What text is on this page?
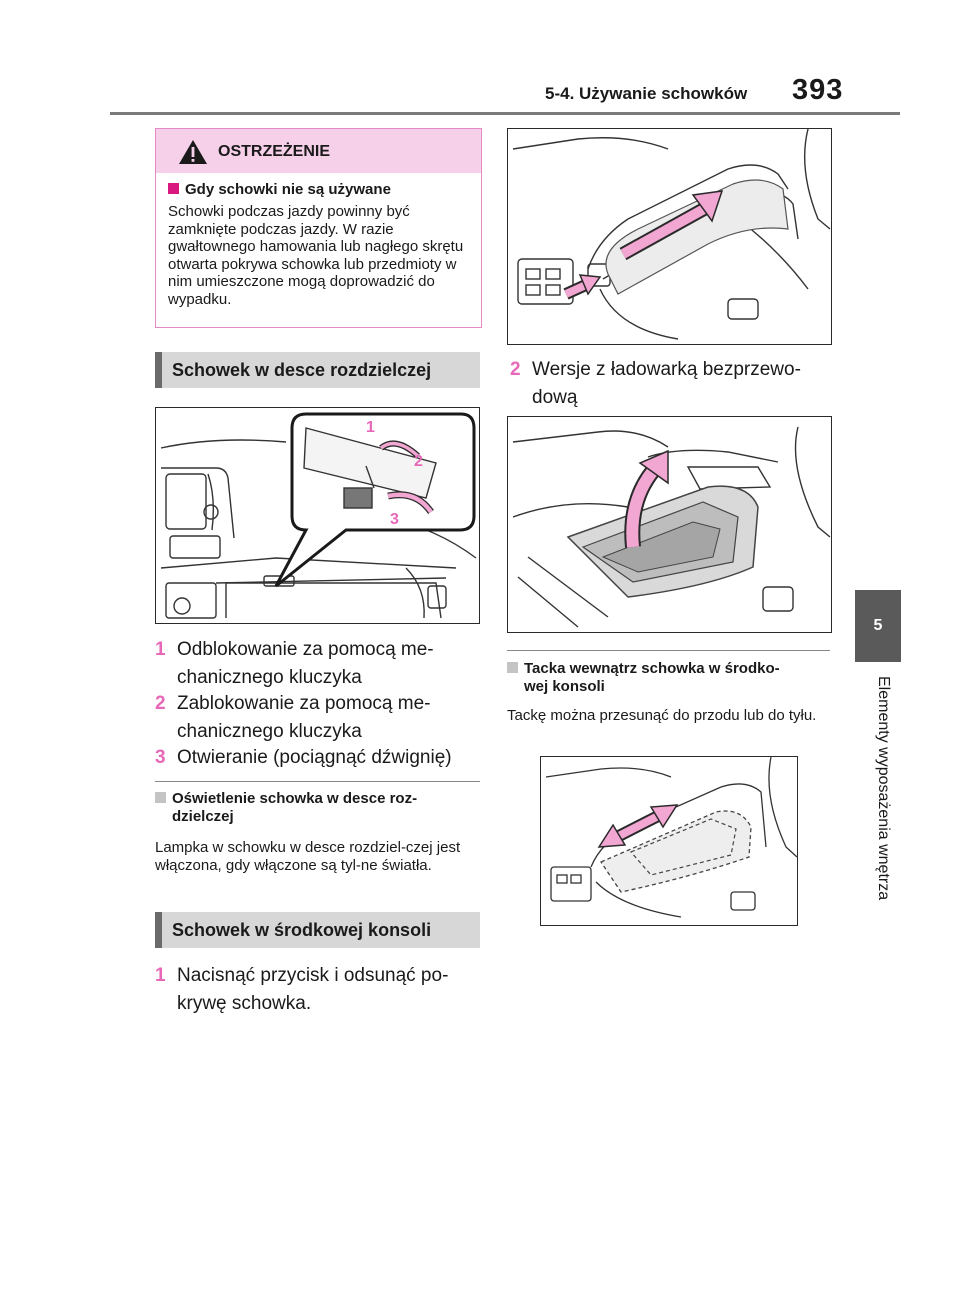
5-4. Używanie schowków 393
5
Elementy wyposażenia wnętrza
OSTRZEŻENIE
Gdy schowki nie są używane
Schowki podczas jazdy powinny być zamknięte podczas jazdy. W razie gwałtownego hamowania lub nagłego skrętu otwarta pokrywa schowka lub przedmioty w nim umieszczone mogą doprowadzić do wypadku.
Schowek w desce rozdzielczej
1
2
3
1 Odblokowanie za pomocą me-
chanicznego kluczyka
2 Zablokowanie za pomocą me-
chanicznego kluczyka
3 Otwieranie (pociągnąć dźwignię)
Oświetlenie schowka w desce roz-
dzielczej
Lampka w schowku w desce rozdziel-czej jest włączona, gdy włączone są tyl-ne światła.
Schowek w środkowej konsoli
1 Nacisnąć przycisk i odsunąć po-
krywę schowka.
2 Wersje z ładowarką bezprzewo-
dową
Tacka wewnątrz schowka w środko-
wej konsoli
Tackę można przesunąć do przodu lub do tyłu.
